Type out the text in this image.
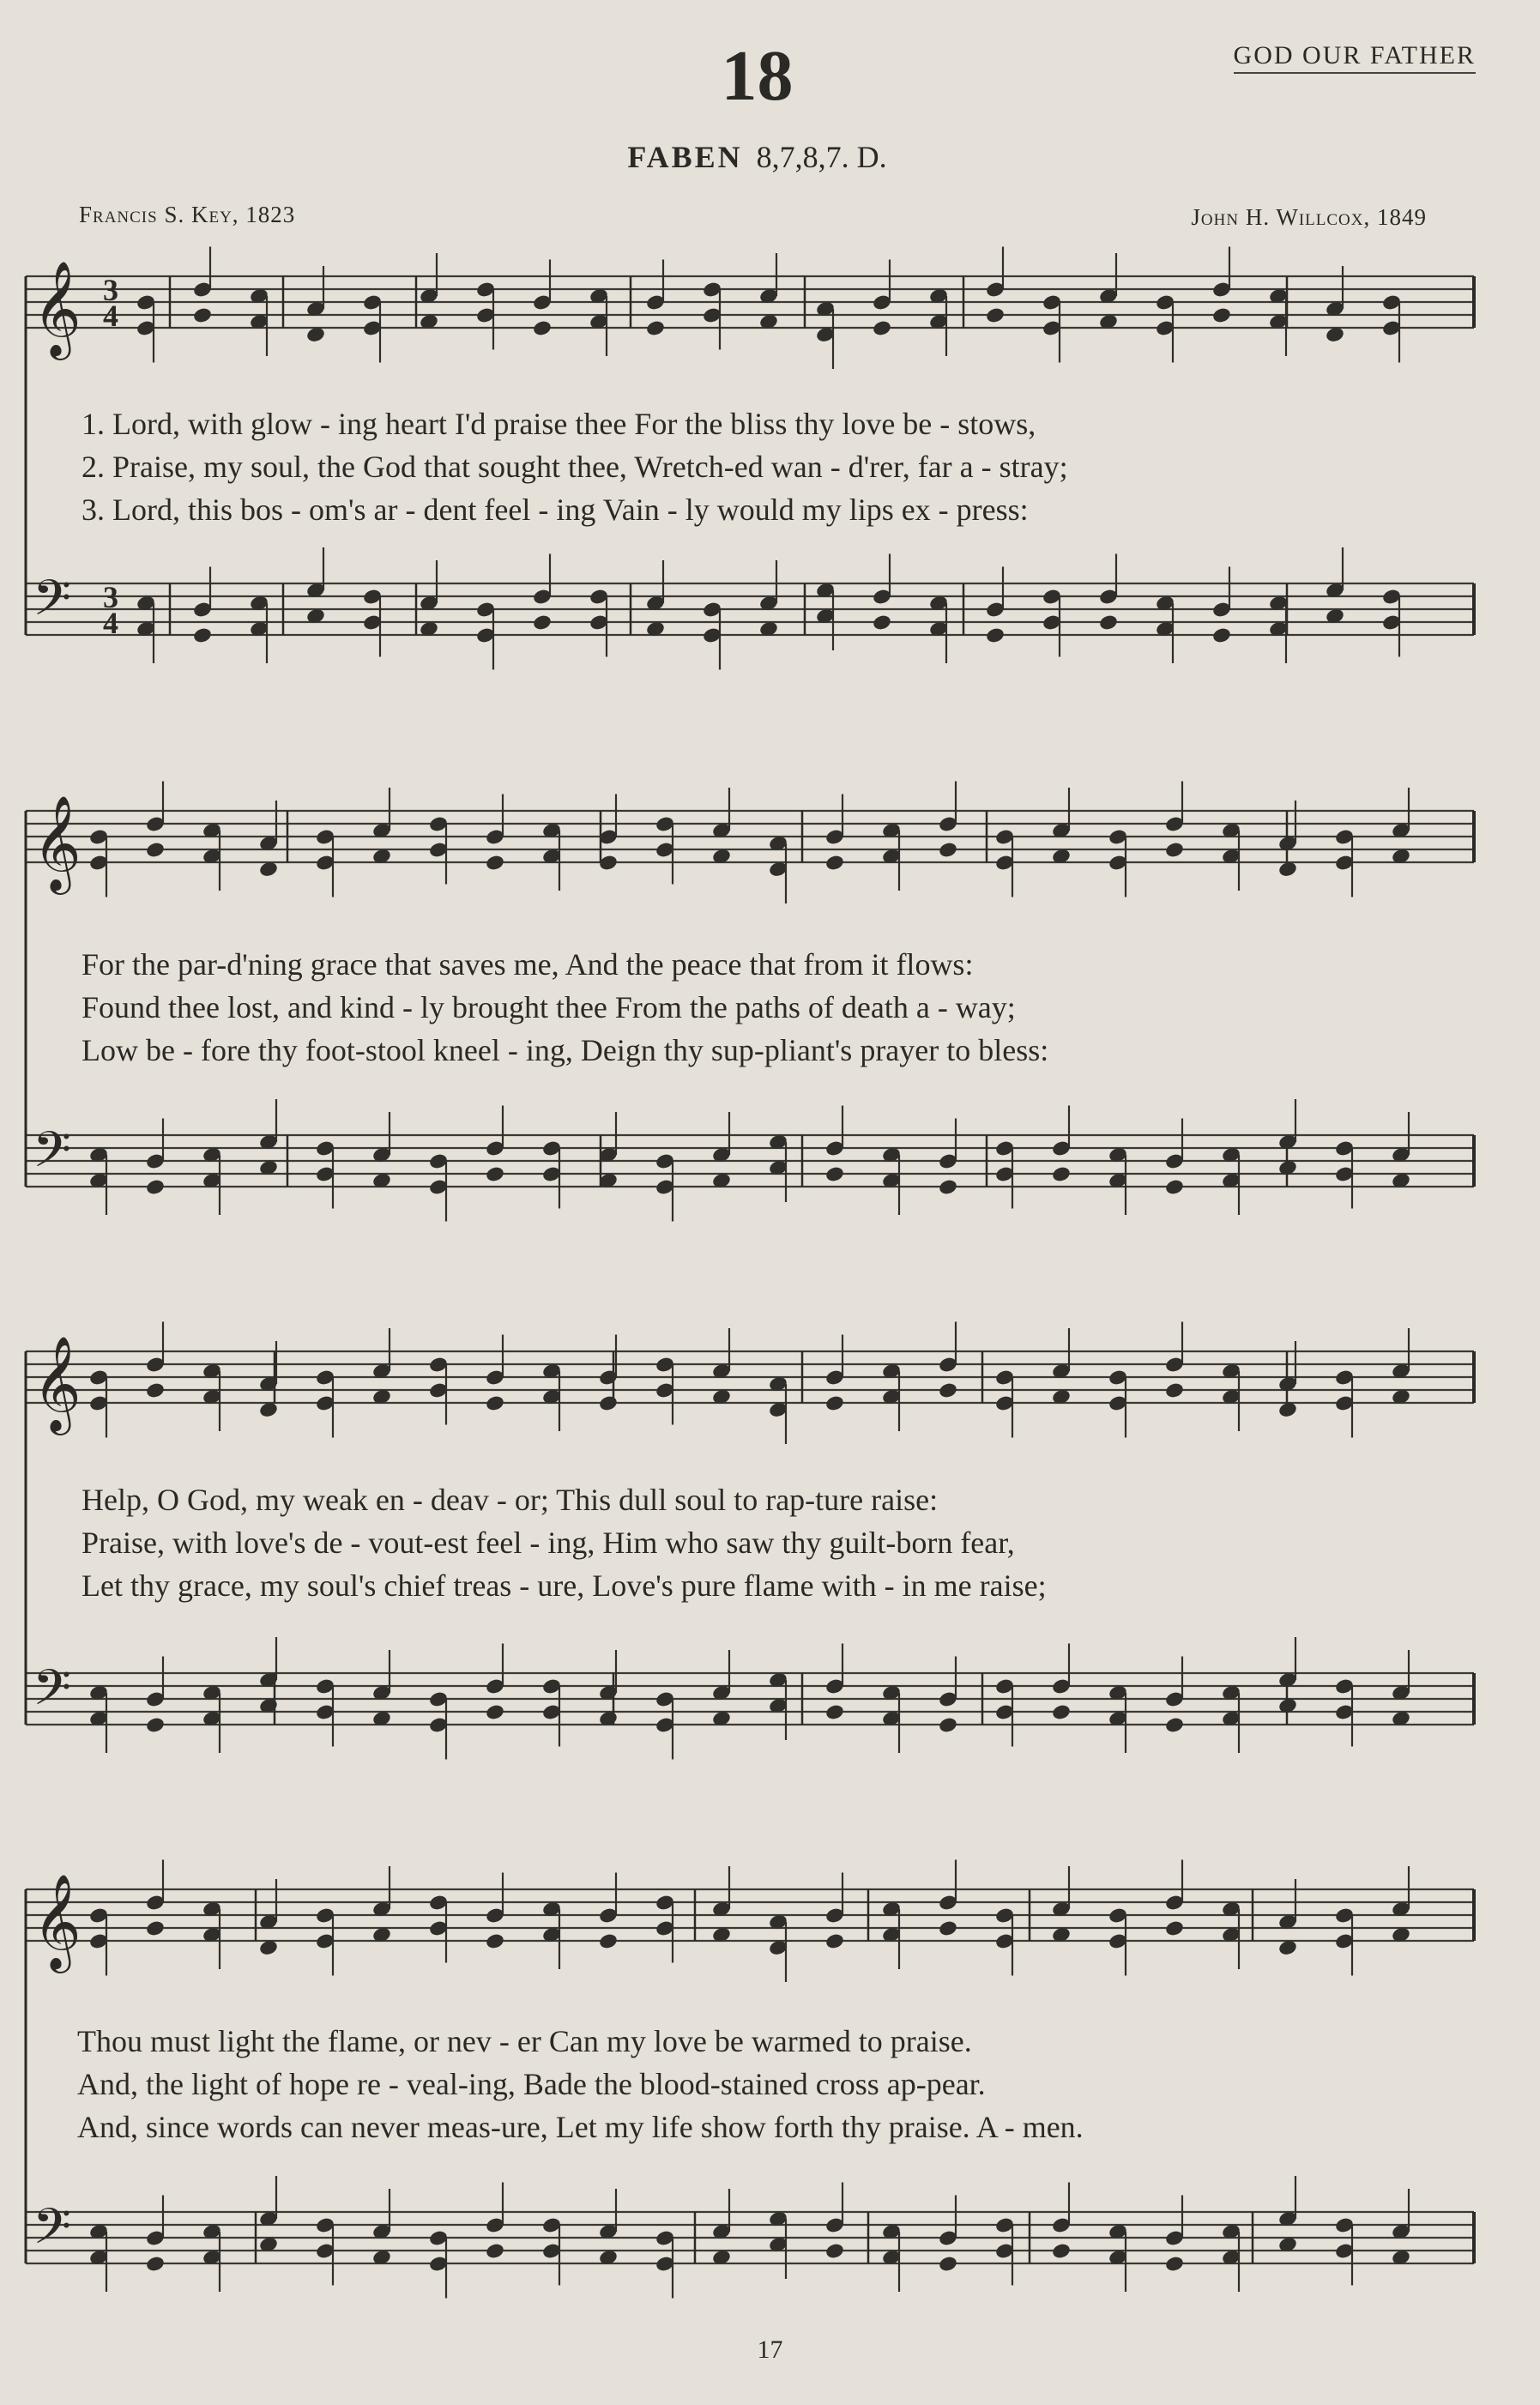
𝄞
𝄢
3
4
3
4
𝄞
𝄢
𝄞
𝄢
𝄞
𝄢
18	GOD OUR FATHER
FABEN 8,7,8,7. D.
Francis S. Key, 1823	John H. Willcox, 1849
1. Lord, with glow - ing heart I'd praise thee For the bliss thy love be - stows,
2. Praise, my soul, the God that sought thee, Wretch-ed wan - d'rer, far a - stray;
3. Lord, this bos - om's ar - dent feel - ing Vain - ly would my lips ex - press:
For the par-d'ning grace that saves me, And the peace that from it flows:
Found thee lost, and kind - ly brought thee From the paths of death a - way;
Low be - fore thy foot-stool kneel - ing, Deign thy sup-pliant's prayer to bless:
Help, O God, my weak en - deav - or; This dull soul to rap-ture raise:
Praise, with love's de - vout-est feel - ing, Him who saw thy guilt-born fear,
Let thy grace, my soul's chief treas - ure, Love's pure flame with - in me raise;
Thou must light the flame, or nev - er Can my love be warmed to praise.
And, the light of hope re - veal-ing, Bade the blood-stained cross ap-pear.
And, since words can never meas-ure, Let my life show forth thy praise. A - men.
17
